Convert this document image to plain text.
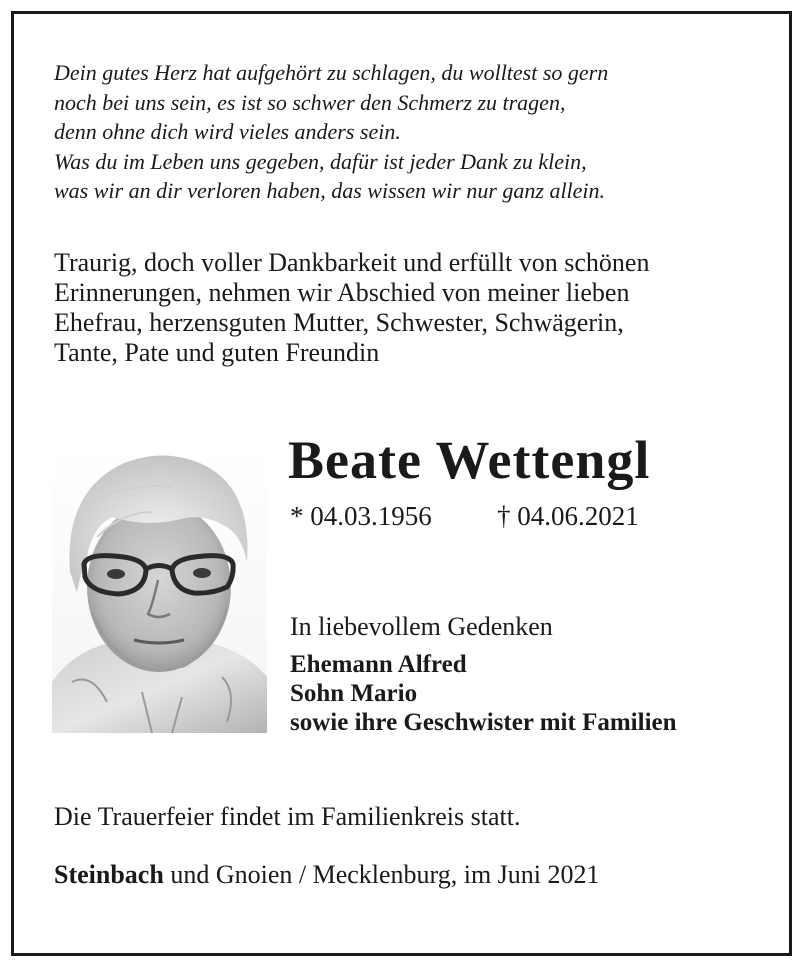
Dein gutes Herz hat aufgehört zu schlagen, du wolltest so gern
noch bei uns sein, es ist so schwer den Schmerz zu tragen,
denn ohne dich wird vieles anders sein.
Was du im Leben uns gegeben, dafür ist jeder Dank zu klein,
was wir an dir verloren haben, das wissen wir nur ganz allein.

Traurig, doch voller Dankbarkeit und erfüllt von schönen
Erinnerungen, nehmen wir Abschied von meiner lieben
Ehefrau, herzensguten Mutter, Schwester, Schwägerin,
Tante, Pate und guten Freundin

Beate Wettengl
* 04.03.1956 † 04.06.2021
In liebevollem Gedenken
Ehemann Alfred
Sohn Mario
sowie ihre Geschwister mit Familien
Die Trauerfeier findet im Familienkreis statt.
Steinbach und Gnoien / Mecklenburg, im Juni 2021
